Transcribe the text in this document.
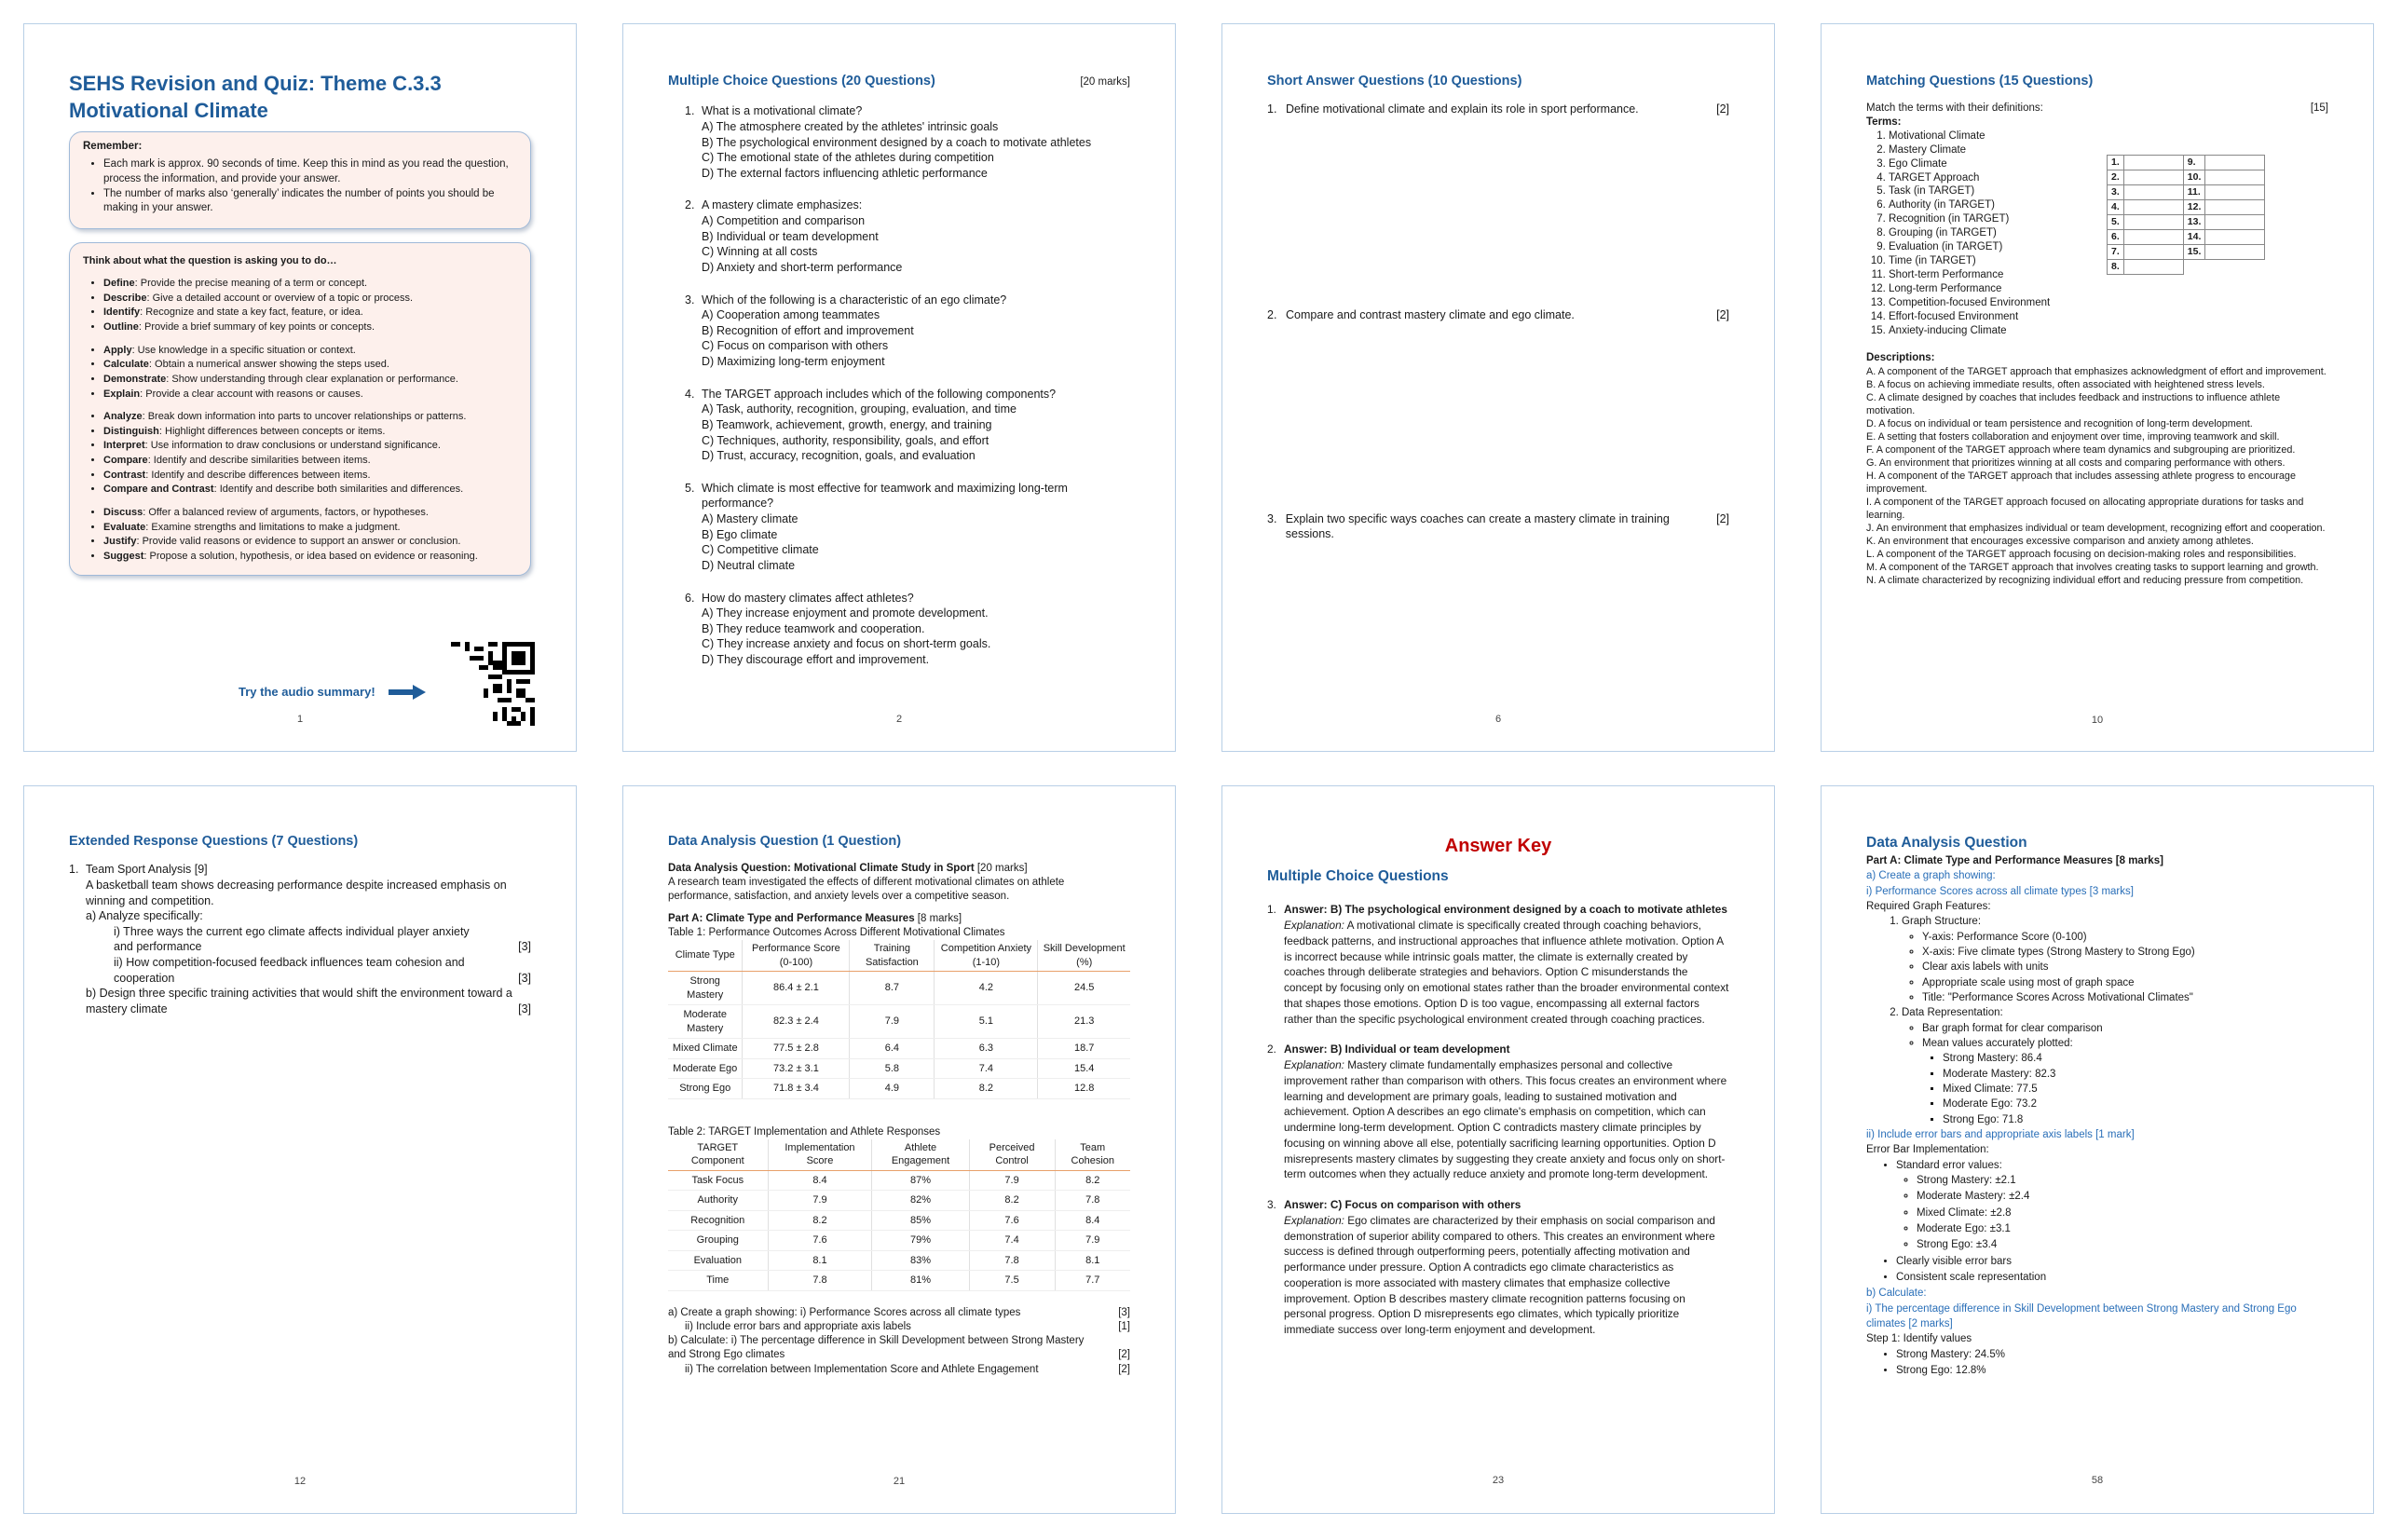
SEHS Revision and Quiz: Theme C.3.3
Motivational Climate
Remember:
• Each mark is approx. 90 seconds of time. Keep this in mind as you read the question, process the information, and provide your answer.
• The number of marks also ‘generally’ indicates the number of points you should be making in your answer.
Think about what the question is asking you to do…
• Define: Provide the precise meaning of a term or concept.
• Describe: Give a detailed account or overview of a topic or process.
• Identify: Recognize and state a key fact, feature, or idea.
• Outline: Provide a brief summary of key points or concepts.
• Apply: Use knowledge in a specific situation or context.
• Calculate: Obtain a numerical answer showing the steps used.
• Demonstrate: Show understanding through clear explanation or performance.
• Explain: Provide a clear account with reasons or causes.
• Analyze: Break down information into parts to uncover relationships or patterns.
• Distinguish: Highlight differences between concepts or items.
• Interpret: Use information to draw conclusions or understand significance.
• Compare: Identify and describe similarities between items.
• Contrast: Identify and describe differences between items.
• Compare and Contrast: Identify and describe both similarities and differences.
• Discuss: Offer a balanced review of arguments, factors, or hypotheses.
• Evaluate: Examine strengths and limitations to make a judgment.
• Justify: Provide valid reasons or evidence to support an answer or conclusion.
• Suggest: Propose a solution, hypothesis, or idea based on evidence or reasoning.
Try the audio summary!
1
Multiple Choice Questions (20 Questions)	[20 marks]
1. What is a motivational climate?
A) The atmosphere created by the athletes' intrinsic goals
B) The psychological environment designed by a coach to motivate athletes
C) The emotional state of the athletes during competition
D) The external factors influencing athletic performance
2. A mastery climate emphasizes:
A) Competition and comparison
B) Individual or team development
C) Winning at all costs
D) Anxiety and short-term performance
3. Which of the following is a characteristic of an ego climate?
A) Cooperation among teammates
B) Recognition of effort and improvement
C) Focus on comparison with others
D) Maximizing long-term enjoyment
4. The TARGET approach includes which of the following components?
A) Task, authority, recognition, grouping, evaluation, and time
B) Teamwork, achievement, growth, energy, and training
C) Techniques, authority, responsibility, goals, and effort
D) Trust, accuracy, recognition, goals, and evaluation
5. Which climate is most effective for teamwork and maximizing long-term performance?
A) Mastery climate
B) Ego climate
C) Competitive climate
D) Neutral climate
6. How do mastery climates affect athletes?
A) They increase enjoyment and promote development.
B) They reduce teamwork and cooperation.
C) They increase anxiety and focus on short-term goals.
D) They discourage effort and improvement.
2
Short Answer Questions (10 Questions)
1. Define motivational climate and explain its role in sport performance.	[2]
2. Compare and contrast mastery climate and ego climate.	[2]
3. Explain two specific ways coaches can create a mastery climate in training sessions.
[2]
6
Matching Questions (15 Questions)
Match the terms with their definitions:	[15]
Terms:
1. Motivational Climate
2. Mastery Climate
3. Ego Climate
4. TARGET Approach
5. Task (in TARGET)
6. Authority (in TARGET)
7. Recognition (in TARGET)
8. Grouping (in TARGET)
9. Evaluation (in TARGET)
10. Time (in TARGET)
11. Short-term Performance
12. Long-term Performance
13. Competition-focused Environment
14. Effort-focused Environment
15. Anxiety-inducing Climate
1.		9.	
2.		10.	
3.		11.	
4.		12.	
5.		13.	
6.		14.	
7.		15.	
8.			
Descriptions:
A. A component of the TARGET approach that emphasizes acknowledgment of effort and improvement.
B. A focus on achieving immediate results, often associated with heightened stress levels.
C. A climate designed by coaches that includes feedback and instructions to influence athlete motivation.
D. A focus on individual or team persistence and recognition of long-term development.
E. A setting that fosters collaboration and enjoyment over time, improving teamwork and skill.
F. A component of the TARGET approach where team dynamics and subgrouping are prioritized.
G. An environment that prioritizes winning at all costs and comparing performance with others.
H. A component of the TARGET approach that includes assessing athlete progress to encourage improvement.
I. A component of the TARGET approach focused on allocating appropriate durations for tasks and learning.
J. An environment that emphasizes individual or team development, recognizing effort and cooperation.
K. An environment that encourages excessive comparison and anxiety among athletes.
L. A component of the TARGET approach focusing on decision-making roles and responsibilities.
M. A component of the TARGET approach that involves creating tasks to support learning and growth.
N. A climate characterized by recognizing individual effort and reducing pressure from competition.
10
Extended Response Questions (7 Questions)
1. Team Sport Analysis [9]
A basketball team shows decreasing performance despite increased emphasis on winning and competition.
a) Analyze specifically:
i) Three ways the current ego climate affects individual player anxiety and performance	[3]
ii) How competition-focused feedback influences team cohesion and cooperation	[3]
b) Design three specific training activities that would shift the environment toward a mastery climate	[3]
12
Data Analysis Question (1 Question)
Data Analysis Question: Motivational Climate Study in Sport [20 marks]
A research team investigated the effects of different motivational climates on athlete performance, satisfaction, and anxiety levels over a competitive season.
Part A: Climate Type and Performance Measures [8 marks]
Table 1: Performance Outcomes Across Different Motivational Climates
Climate Type	Performance Score (0-100)	Training Satisfaction	Competition Anxiety (1-10)	Skill Development (%)
Strong Mastery	86.4 ± 2.1	8.7	4.2	24.5
Moderate Mastery	82.3 ± 2.4	7.9	5.1	21.3
Mixed Climate	77.5 ± 2.8	6.4	6.3	18.7
Moderate Ego	73.2 ± 3.1	5.8	7.4	15.4
Strong Ego	71.8 ± 3.4	4.9	8.2	12.8
Table 2: TARGET Implementation and Athlete Responses
TARGET Component	Implementation Score	Athlete Engagement	Perceived Control	Team Cohesion
Task Focus	8.4	87%	7.9	8.2
Authority	7.9	82%	8.2	7.8
Recognition	8.2	85%	7.6	8.4
Grouping	7.6	79%	7.4	7.9
Evaluation	8.1	83%	7.8	8.1
Time	7.8	81%	7.5	7.7
a) Create a graph showing: i) Performance Scores across all climate types	[3]
ii) Include error bars and appropriate axis labels	[1]
b) Calculate: i) The percentage difference in Skill Development between Strong Mastery and Strong Ego climates	[2]
ii) The correlation between Implementation Score and Athlete Engagement	[2]
21
Answer Key
Multiple Choice Questions
1. Answer: B) The psychological environment designed by a coach to motivate athletes
Explanation: A motivational climate is specifically created through coaching behaviors, feedback patterns, and instructional approaches that influence athlete motivation. Option A is incorrect because while intrinsic goals matter, the climate is externally created by coaches through deliberate strategies and behaviors. Option C misunderstands the concept by focusing only on emotional states rather than the broader environmental context that shapes those emotions. Option D is too vague, encompassing all external factors rather than the specific psychological environment created through coaching practices.
2. Answer: B) Individual or team development
Explanation: Mastery climate fundamentally emphasizes personal and collective improvement rather than comparison with others. This focus creates an environment where learning and development are primary goals, leading to sustained motivation and achievement. Option A describes an ego climate's emphasis on competition, which can undermine long-term development. Option C contradicts mastery climate principles by focusing on winning above all else, potentially sacrificing learning opportunities. Option D misrepresents mastery climates by suggesting they create anxiety and focus only on short-term outcomes when they actually reduce anxiety and promote long-term development.
3. Answer: C) Focus on comparison with others
Explanation: Ego climates are characterized by their emphasis on social comparison and demonstration of superior ability compared to others. This creates an environment where success is defined through outperforming peers, potentially affecting motivation and performance under pressure. Option A contradicts ego climate characteristics as cooperation is more associated with mastery climates that emphasize collective improvement. Option B describes mastery climate recognition patterns focusing on personal progress. Option D misrepresents ego climates, which typically prioritize immediate success over long-term enjoyment and development.
23
Data Analysis Question
Part A: Climate Type and Performance Measures [8 marks]
a) Create a graph showing:
i) Performance Scores across all climate types [3 marks]
Required Graph Features:
1. Graph Structure:
◦ Y-axis: Performance Score (0-100)
◦ X-axis: Five climate types (Strong Mastery to Strong Ego)
◦ Clear axis labels with units
◦ Appropriate scale using most of graph space
◦ Title: "Performance Scores Across Motivational Climates"
2. Data Representation:
◦ Bar graph format for clear comparison
◦ Mean values accurately plotted:
▪ Strong Mastery: 86.4
▪ Moderate Mastery: 82.3
▪ Mixed Climate: 77.5
▪ Moderate Ego: 73.2
▪ Strong Ego: 71.8
ii) Include error bars and appropriate axis labels [1 mark]
Error Bar Implementation:
• Standard error values:
◦ Strong Mastery: ±2.1
◦ Moderate Mastery: ±2.4
◦ Mixed Climate: ±2.8
◦ Moderate Ego: ±3.1
◦ Strong Ego: ±3.4
• Clearly visible error bars
• Consistent scale representation
b) Calculate:
i) The percentage difference in Skill Development between Strong Mastery and Strong Ego climates [2 marks]
Step 1: Identify values
• Strong Mastery: 24.5%
• Strong Ego: 12.8%
58
